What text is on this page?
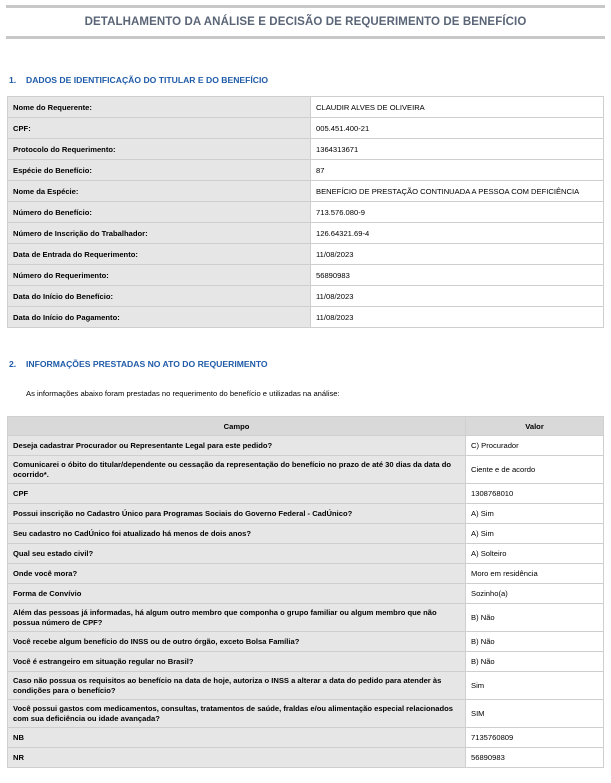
DETALHAMENTO DA ANÁLISE E DECISÃO DE REQUERIMENTO DE BENEFÍCIO
1. DADOS DE IDENTIFICAÇÃO DO TITULAR E DO BENEFÍCIO
Nome do Requerente:	CLAUDIR ALVES DE OLIVEIRA
CPF:	005.451.400-21
Protocolo do Requerimento:	1364313671
Espécie do Benefício:	87
Nome da Espécie:	BENEFÍCIO DE PRESTAÇÃO CONTINUADA A PESSOA COM DEFICIÊNCIA
Número do Benefício:	713.576.080-9
Número de Inscrição do Trabalhador:	126.64321.69-4
Data de Entrada do Requerimento:	11/08/2023
Número do Requerimento:	56890983
Data do Início do Benefício:	11/08/2023
Data do Início do Pagamento:	11/08/2023
2. INFORMAÇÕES PRESTADAS NO ATO DO REQUERIMENTO
As informações abaixo foram prestadas no requerimento do benefício e utilizadas na análise:
Campo	Valor
Deseja cadastrar Procurador ou Representante Legal para este pedido?	C) Procurador
Comunicarei o óbito do titular/dependente ou cessação da representação do benefício no prazo de até 30 dias da data do ocorrido*.	Ciente e de acordo
CPF	1308768010
Possui inscrição no Cadastro Único para Programas Sociais do Governo Federal - CadÚnico?	A) Sim
Seu cadastro no CadÚnico foi atualizado há menos de dois anos?	A) Sim
Qual seu estado civil?	A) Solteiro
Onde você mora?	Moro em residência
Forma de Convívio	Sozinho(a)
Além das pessoas já informadas, há algum outro membro que componha o grupo familiar ou algum membro que não possua número de CPF?	B) Não
Você recebe algum benefício do INSS ou de outro órgão, exceto Bolsa Família?	B) Não
Você é estrangeiro em situação regular no Brasil?	B) Não
Caso não possua os requisitos ao benefício na data de hoje, autoriza o INSS a alterar a data do pedido para atender às condições para o benefício?	Sim
Você possui gastos com medicamentos, consultas, tratamentos de saúde, fraldas e/ou alimentação especial relacionados com sua deficiência ou idade avançada?	SIM
NB	7135760809
NR	56890983
